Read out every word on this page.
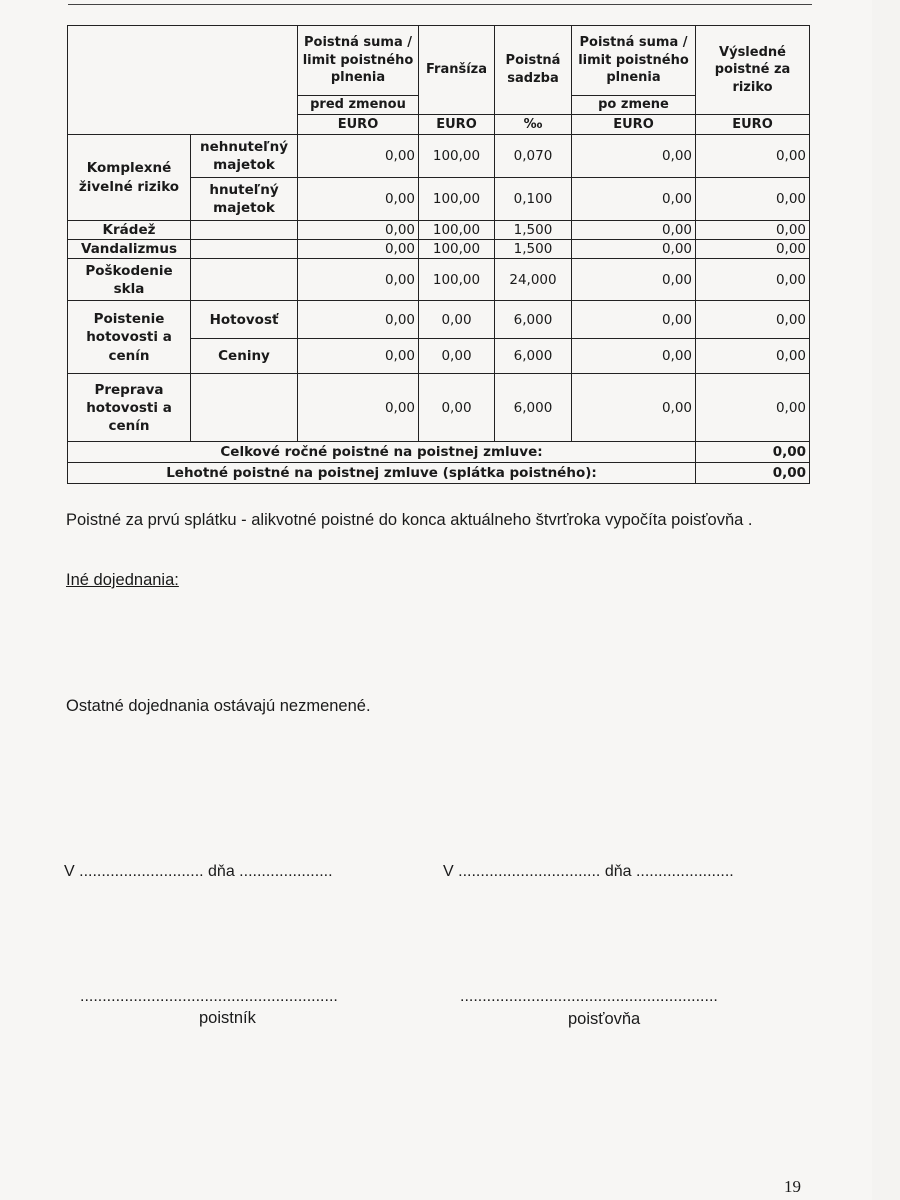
		Poistná suma / limit poistného plnenia	Franšíza	Poistná sadzba	Poistná suma / limit poistného plnenia	Výsledné poistné za riziko
		pred zmenou			po zmene	
		EURO	EURO	‰	EURO	EURO
Komplexné živelné riziko	nehnuteľný majetok	0,00	100,00	0,070	0,00	0,00
	hnuteľný majetok	0,00	100,00	0,100	0,00	0,00
Krádež		0,00	100,00	1,500	0,00	0,00
Vandalizmus		0,00	100,00	1,500	0,00	0,00
Poškodenie skla		0,00	100,00	24,000	0,00	0,00
Poistenie hotovosti a cenín	Hotovosť	0,00	0,00	6,000	0,00	0,00
	Ceniny	0,00	0,00	6,000	0,00	0,00
Preprava hotovosti a cenín		0,00	0,00	6,000	0,00	0,00
Celkové ročné poistné na poistnej zmluve:						0,00
Lehotné poistné na poistnej zmluve (splátka poistného):						0,00

Poistné za prvú splátku - alikvotné poistné do konca aktuálneho štvrťroka vypočíta poisťovňa .

Iné dojednania:

Ostatné dojednania ostávajú nezmenené.

V ............................ dňa .....................	V ................................ dňa ......................

..........................................................	..........................................................

poistník	poisťovňa

19
